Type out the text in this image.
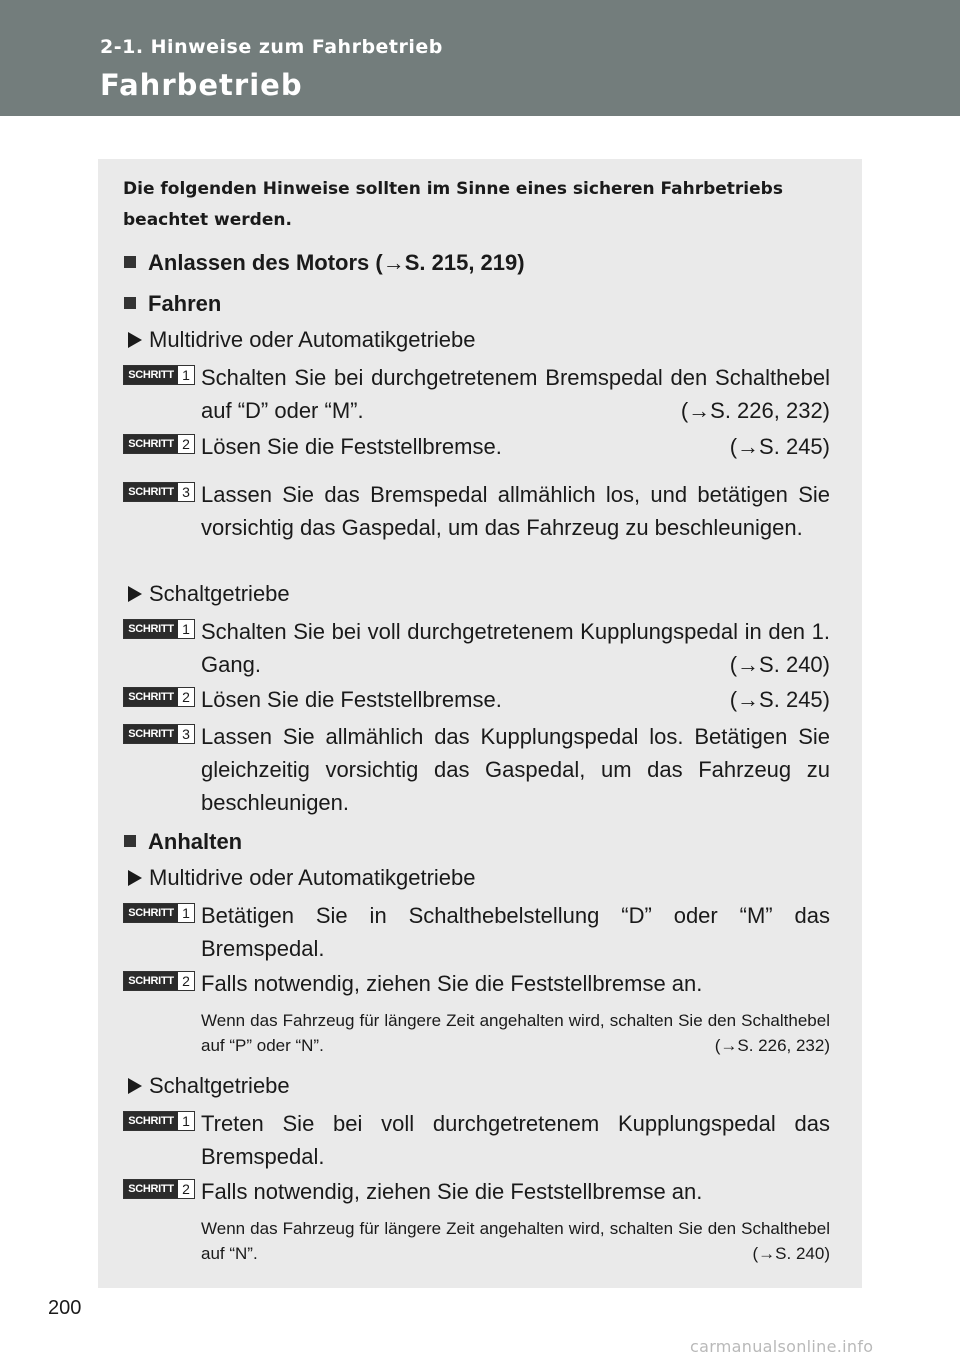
2-1. Hinweise zum Fahrbetrieb
Fahrbetrieb
Die folgenden Hinweise sollten im Sinne eines sicheren Fahrbetriebs beachtet werden.
Anlassen des Motors (→S. 215, 219)
Fahren
Multidrive oder Automatikgetriebe
SCHRITT 1 Schalten Sie bei durchgetretenem Bremspedal den Schalthebel auf “D” oder “M”.	(→S. 226, 232)
SCHRITT 2 Lösen Sie die Feststellbremse.	(→S. 245)
SCHRITT 3 Lassen Sie das Bremspedal allmählich los, und betätigen Sie vorsichtig das Gaspedal, um das Fahrzeug zu beschleunigen.
Schaltgetriebe
SCHRITT 1 Schalten Sie bei voll durchgetretenem Kupplungspedal in den 1. Gang.	(→S. 240)
SCHRITT 2 Lösen Sie die Feststellbremse.	(→S. 245)
SCHRITT 3 Lassen Sie allmählich das Kupplungspedal los. Betätigen Sie gleichzeitig vorsichtig das Gaspedal, um das Fahrzeug zu beschleunigen.
Anhalten
Multidrive oder Automatikgetriebe
SCHRITT 1 Betätigen Sie in Schalthebelstellung “D” oder “M” das Bremspedal.
SCHRITT 2 Falls notwendig, ziehen Sie die Feststellbremse an.
Wenn das Fahrzeug für längere Zeit angehalten wird, schalten Sie den Schalthebel auf “P” oder “N”.	(→S. 226, 232)
Schaltgetriebe
SCHRITT 1 Treten Sie bei voll durchgetretenem Kupplungspedal das Bremspedal.
SCHRITT 2 Falls notwendig, ziehen Sie die Feststellbremse an.
Wenn das Fahrzeug für längere Zeit angehalten wird, schalten Sie den Schalthebel auf “N”.	(→S. 240)
200
carmanualsonline.info
